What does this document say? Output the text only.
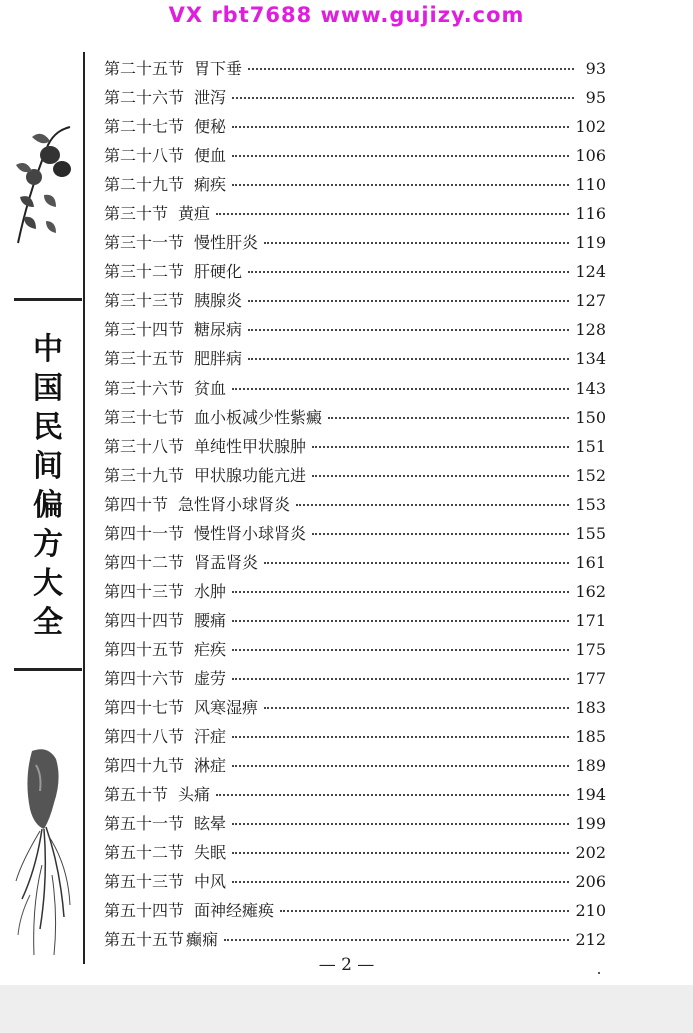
VX rbt7688 www.gujizy.com
中
国
民
间
偏
方
大
全
第二十五节 胃下垂	93
第二十六节 泄泻	95
第二十七节 便秘	102
第二十八节 便血	106
第二十九节 痢疾	110
第三十节 黄疸	116
第三十一节 慢性肝炎	119
第三十二节 肝硬化	124
第三十三节 胰腺炎	127
第三十四节 糖尿病	128
第三十五节 肥胖病	134
第三十六节 贫血	143
第三十七节 血小板减少性紫癜	150
第三十八节 单纯性甲状腺肿	151
第三十九节 甲状腺功能亢进	152
第四十节 急性肾小球肾炎	153
第四十一节 慢性肾小球肾炎	155
第四十二节 肾盂肾炎	161
第四十三节 水肿	162
第四十四节 腰痛	171
第四十五节 疟疾	175
第四十六节 虚劳	177
第四十七节 风寒湿痹	183
第四十八节 汗症	185
第四十九节 淋症	189
第五十节 头痛	194
第五十一节 眩晕	199
第五十二节 失眠	202
第五十三节 中风	206
第五十四节 面神经瘫痪	210
第五十五节 癫痫	212
— 2 —
